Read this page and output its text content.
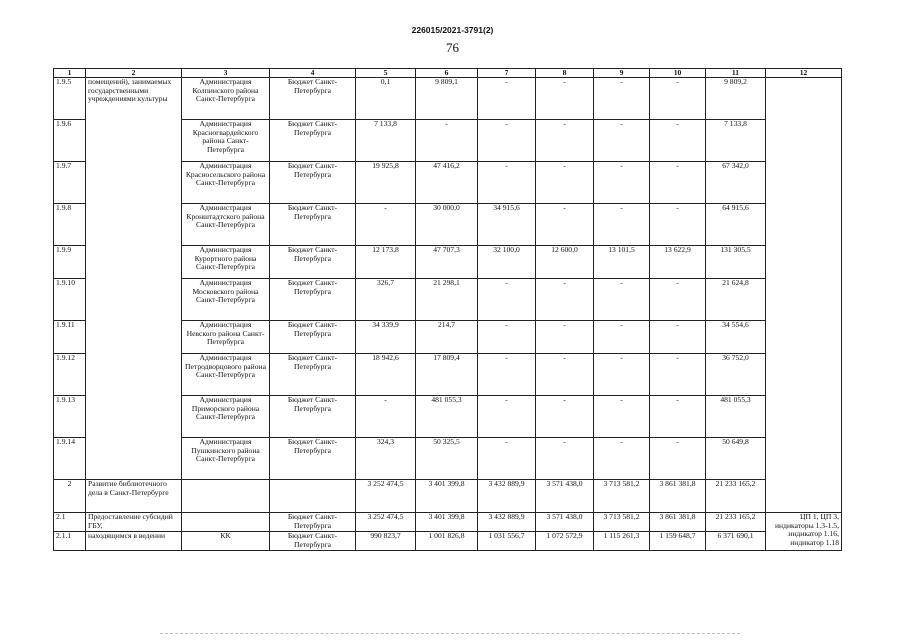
226015/2021-3791(2)
76
1	2	3	4	5	6	7	8	9	10	11	12
1.9.5	помещений), занимаемых государственными учреждениями культуры	Администрация Колпинского района Санкт-Петербурга	Бюджет Санкт-Петербурга	0,1	9 809,1	-	-	-	-	9 809,2	
1.9.6		Администрация Красногвардейского района Санкт-Петербурга	Бюджет Санкт-Петербурга	7 133,8	-	-	-	-	-	7 133,8	
1.9.7		Администрация Красносельского района Санкт-Петербурга	Бюджет Санкт-Петербурга	19 925,8	47 416,2	-	-	-	-	67 342,0	
1.9.8		Администрация Кронштадтского района Санкт-Петербурга	Бюджет Санкт-Петербурга	-	30 000,0	34 915,6	-	-	-	64 915,6	
1.9.9		Администрация Курортного района Санкт-Петербурга	Бюджет Санкт-Петербурга	12 173,8	47 707,3	32 100,0	12 600,0	13 101,5	13 622,9	131 305,5	
1.9.10		Администрация Московского района Санкт-Петербурга	Бюджет Санкт-Петербурга	326,7	21 298,1	-	-	-	-	21 624,8	
1.9.11		Администрация Невского района Санкт-Петербурга	Бюджет Санкт-Петербурга	34 339,9	214,7	-	-	-	-	34 554,6	
1.9.12		Администрация Петродворцового района Санкт-Петербурга	Бюджет Санкт-Петербурга	18 942,6	17 809,4	-	-	-	-	36 752,0	
1.9.13		Администрация Приморского района Санкт-Петербурга	Бюджет Санкт-Петербурга	-	481 055,3	-	-	-	-	481 055,3	
1.9.14		Администрация Пушкинского района Санкт-Петербурга	Бюджет Санкт-Петербурга	324,3	50 325,5	-	-	-	-	50 649,8	
2	Развитие библиотечного дела в Санкт-Петербурге			3 252 474,5	3 401 399,8	3 432 889,9	3 571 438,0	3 713 581,2	3 861 381,8	21 233 165,2	
2.1	Предоставление субсидий ГБУ,		Бюджет Санкт-Петербурга	3 252 474,5	3 401 399,8	3 432 889,9	3 571 438,0	3 713 581,2	3 861 381,8	21 233 165,2	ЦП 1, ЦП 3, индикаторы 1.3-1.5, индикатор 1.16, индикатор 1.18
2.1.1	находящимся в ведении	КК	Бюджет Санкт-Петербурга	990 823,7	1 001 826,8	1 031 556,7	1 072 572,9	1 115 261,3	1 159 648,7	6 371 690,1	
